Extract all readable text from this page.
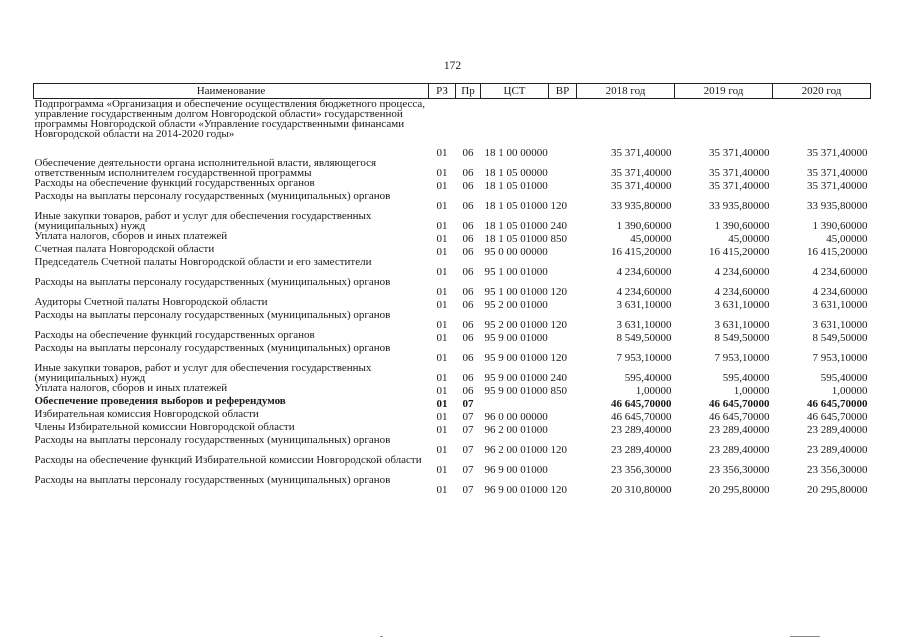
172
Наименование	РЗ	Пр	ЦСТ	ВР	2018 год	2019 год	2020 год
Подпрограмма «Организация и обеспечение осуществления бюджетного процесса, управление государственным долгом Новгородской области» государственной программы Новгородской области «Управление государственными финансами Новгородской области на 2014-2020 годы»	01	06	18 1 00 00000		35 371,40000	35 371,40000	35 371,40000
Обеспечение деятельности органа исполнительной власти, являющегося ответственным исполнителем государственной программы	01	06	18 1 05 00000		35 371,40000	35 371,40000	35 371,40000
Расходы на обеспечение функций государственных органов	01	06	18 1 05 01000		35 371,40000	35 371,40000	35 371,40000
Расходы на выплаты персоналу государственных (муниципальных) органов	01	06	18 1 05 01000	120	33 935,80000	33 935,80000	33 935,80000
Иные закупки товаров, работ и услуг для обеспечения государственных (муниципальных) нужд	01	06	18 1 05 01000	240	1 390,60000	1 390,60000	1 390,60000
Уплата налогов, сборов и иных платежей	01	06	18 1 05 01000	850	45,00000	45,00000	45,00000
Счетная палата Новгородской области	01	06	95 0 00 00000		16 415,20000	16 415,20000	16 415,20000
Председатель Счетной палаты Новгородской области и его заместители	01	06	95 1 00 01000		4 234,60000	4 234,60000	4 234,60000
Расходы на выплаты персоналу государственных (муниципальных) органов	01	06	95 1 00 01000	120	4 234,60000	4 234,60000	4 234,60000
Аудиторы Счетной палаты Новгородской области	01	06	95 2 00 01000		3 631,10000	3 631,10000	3 631,10000
Расходы на выплаты персоналу государственных (муниципальных) органов	01	06	95 2 00 01000	120	3 631,10000	3 631,10000	3 631,10000
Расходы на обеспечение функций государственных органов	01	06	95 9 00 01000		8 549,50000	8 549,50000	8 549,50000
Расходы на выплаты персоналу государственных (муниципальных) органов	01	06	95 9 00 01000	120	7 953,10000	7 953,10000	7 953,10000
Иные закупки товаров, работ и услуг для обеспечения государственных (муниципальных) нужд	01	06	95 9 00 01000	240	595,40000	595,40000	595,40000
Уплата налогов, сборов и иных платежей	01	06	95 9 00 01000	850	1,00000	1,00000	1,00000
Обеспечение проведения выборов и референдумов	01	07			46 645,70000	46 645,70000	46 645,70000
Избирательная комиссия Новгородской области	01	07	96 0 00 00000		46 645,70000	46 645,70000	46 645,70000
Члены Избирательной комиссии Новгородской области	01	07	96 2 00 01000		23 289,40000	23 289,40000	23 289,40000
Расходы на выплаты персоналу государственных (муниципальных) органов	01	07	96 2 00 01000	120	23 289,40000	23 289,40000	23 289,40000
Расходы на обеспечение функций Избирательной комиссии Новгородской области	01	07	96 9 00 01000		23 356,30000	23 356,30000	23 356,30000
Расходы на выплаты персоналу государственных (муниципальных) органов	01	07	96 9 00 01000	120	20 310,80000	20 295,80000	20 295,80000
